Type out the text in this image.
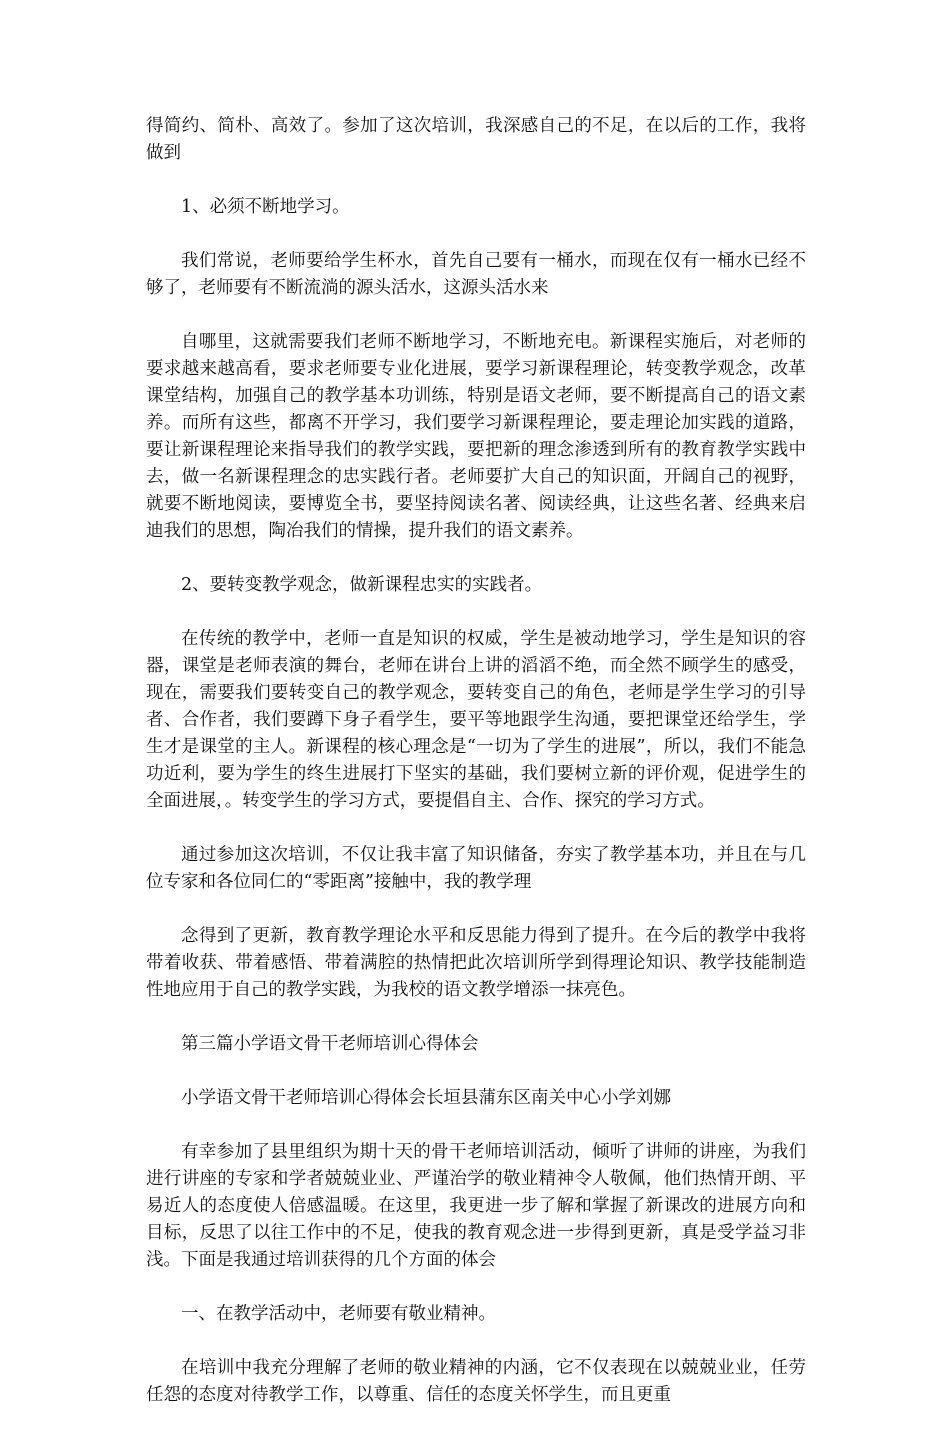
得简约、简朴、高效了。参加了这次培训，我深感自己的不足，在以后的工作，我将做到

1、必须不断地学习。

我们常说，老师要给学生杯水，首先自己要有一桶水，而现在仅有一桶水已经不够了，老师要有不断流淌的源头活水，这源头活水来

自哪里，这就需要我们老师不断地学习，不断地充电。新课程实施后，对老师的要求越来越高看，要求老师要专业化进展，要学习新课程理论，转变教学观念，改革课堂结构，加强自己的教学基本功训练，特别是语文老师，要不断提高自己的语文素养。而所有这些，都离不开学习，我们要学习新课程理论，要走理论加实践的道路，要让新课程理论来指导我们的教学实践，要把新的理念渗透到所有的教育教学实践中去，做一名新课程理念的忠实践行者。老师要扩大自己的知识面，开阔自己的视野，就要不断地阅读，要博览全书，要坚持阅读名著、阅读经典，让这些名著、经典来启迪我们的思想，陶冶我们的情操，提升我们的语文素养。

2、要转变教学观念，做新课程忠实的实践者。

在传统的教学中，老师一直是知识的权威，学生是被动地学习，学生是知识的容器，课堂是老师表演的舞台，老师在讲台上讲的滔滔不绝，而全然不顾学生的感受，现在，需要我们要转变自己的教学观念，要转变自己的角色，老师是学生学习的引导者、合作者，我们要蹲下身子看学生，要平等地跟学生沟通，要把课堂还给学生，学生才是课堂的主人。新课程的核心理念是“一切为了学生的进展”，所以，我们不能急功近利，要为学生的终生进展打下坚实的基础，我们要树立新的评价观，促进学生的全面进展，。转变学生的学习方式，要提倡自主、合作、探究的学习方式。

通过参加这次培训，不仅让我丰富了知识储备，夯实了教学基本功，并且在与几位专家和各位同仁的“零距离”接触中，我的教学理

念得到了更新，教育教学理论水平和反思能力得到了提升。在今后的教学中我将带着收获、带着感悟、带着满腔的热情把此次培训所学到得理论知识、教学技能制造性地应用于自己的教学实践，为我校的语文教学增添一抹亮色。

第三篇小学语文骨干老师培训心得体会

小学语文骨干老师培训心得体会长垣县蒲东区南关中心小学刘娜

有幸参加了县里组织为期十天的骨干老师培训活动，倾听了讲师的讲座，为我们进行讲座的专家和学者兢兢业业、严谨治学的敬业精神令人敬佩，他们热情开朗、平易近人的态度使人倍感温暖。在这里，我更进一步了解和掌握了新课改的进展方向和目标，反思了以往工作中的不足，使我的教育观念进一步得到更新，真是受学益习非浅。下面是我通过培训获得的几个方面的体会

一、在教学活动中，老师要有敬业精神。

在培训中我充分理解了老师的敬业精神的内涵，它不仅表现在以兢兢业业，任劳任怨的态度对待教学工作，以尊重、信任的态度关怀学生，而且更重
